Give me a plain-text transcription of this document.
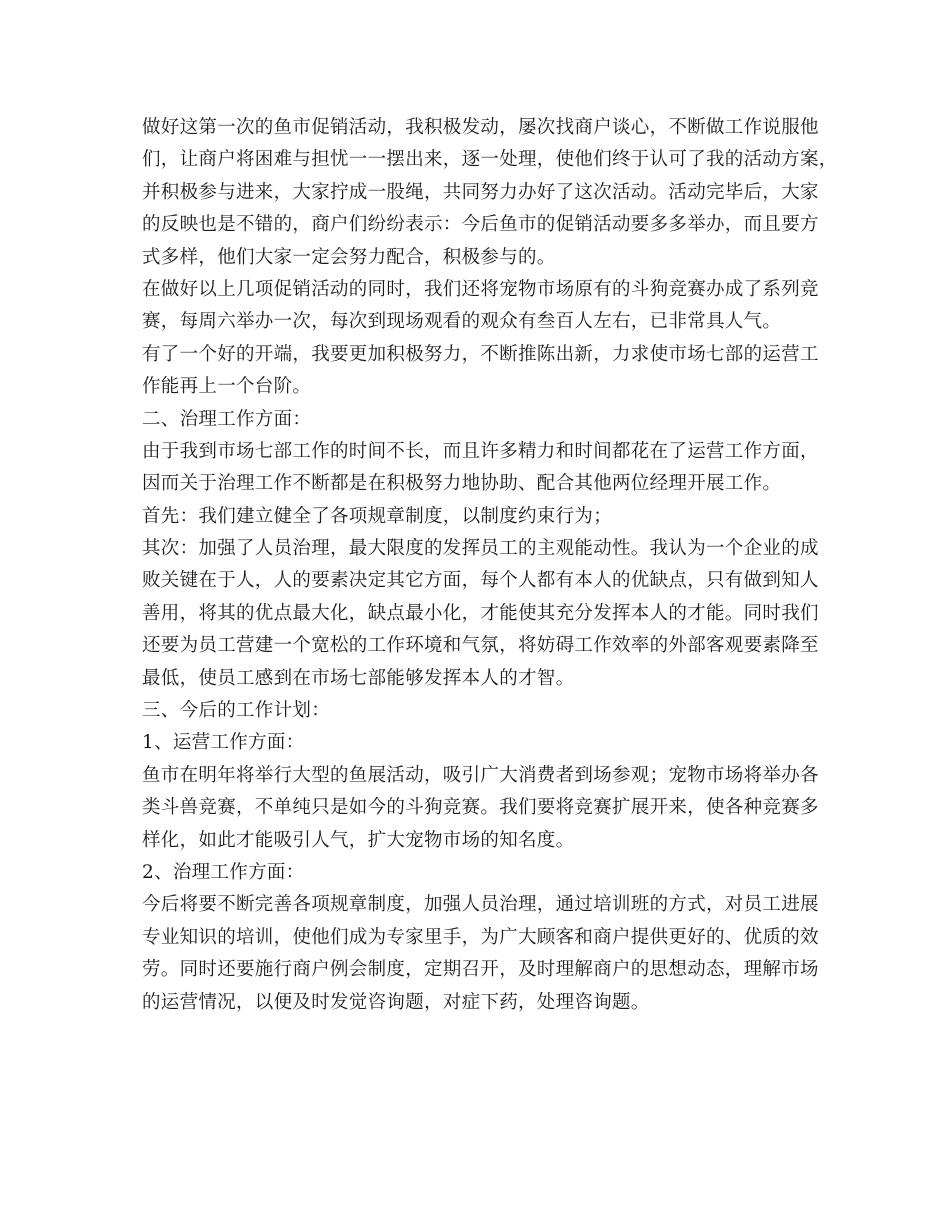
做好这第一次的鱼市促销活动，我积极发动，屡次找商户谈心，不断做工作说服他
们，让商户将困难与担忧一一摆出来，逐一处理，使他们终于认可了我的活动方案，
并积极参与进来，大家拧成一股绳，共同努力办好了这次活动。活动完毕后，大家
的反映也是不错的，商户们纷纷表示：今后鱼市的促销活动要多多举办，而且要方
式多样，他们大家一定会努力配合，积极参与的。
在做好以上几项促销活动的同时，我们还将宠物市场原有的斗狗竞赛办成了系列竞
赛，每周六举办一次，每次到现场观看的观众有叁百人左右，已非常具人气。
有了一个好的开端，我要更加积极努力，不断推陈出新，力求使市场七部的运营工
作能再上一个台阶。
二、治理工作方面：
由于我到市场七部工作的时间不长，而且许多精力和时间都花在了运营工作方面，
因而关于治理工作不断都是在积极努力地协助、配合其他两位经理开展工作。
首先：我们建立健全了各项规章制度，以制度约束行为；
其次：加强了人员治理，最大限度的发挥员工的主观能动性。我认为一个企业的成
败关键在于人，人的要素决定其它方面，每个人都有本人的优缺点，只有做到知人
善用，将其的优点最大化，缺点最小化，才能使其充分发挥本人的才能。同时我们
还要为员工营建一个宽松的工作环境和气氛，将妨碍工作效率的外部客观要素降至
最低，使员工感到在市场七部能够发挥本人的才智。
三、今后的工作计划：
1、运营工作方面：
鱼市在明年将举行大型的鱼展活动，吸引广大消费者到场参观；宠物市场将举办各
类斗兽竞赛，不单纯只是如今的斗狗竞赛。我们要将竞赛扩展开来，使各种竞赛多
样化，如此才能吸引人气，扩大宠物市场的知名度。
2、治理工作方面：
今后将要不断完善各项规章制度，加强人员治理，通过培训班的方式，对员工进展
专业知识的培训，使他们成为专家里手，为广大顾客和商户提供更好的、优质的效
劳。同时还要施行商户例会制度，定期召开，及时理解商户的思想动态，理解市场
的运营情况，以便及时发觉咨询题，对症下药，处理咨询题。
